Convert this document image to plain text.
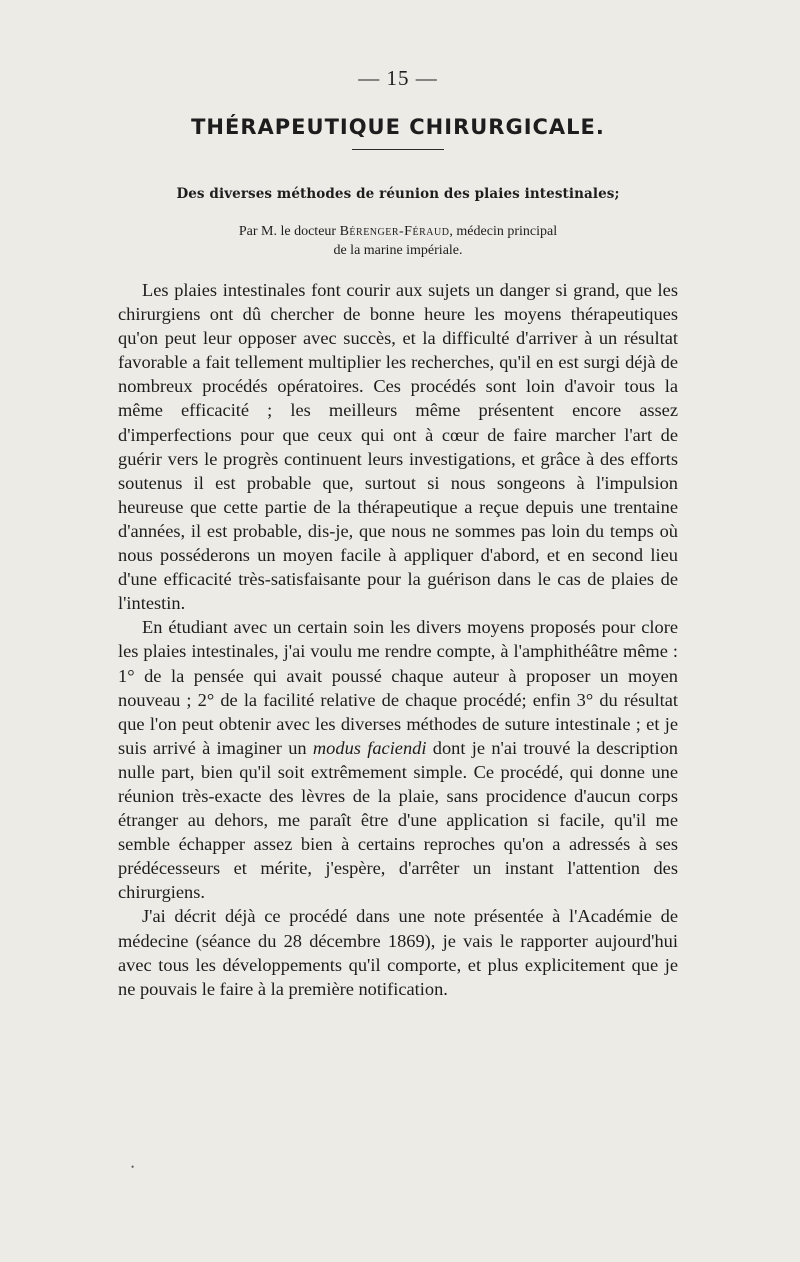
— 15 —
THÉRAPEUTIQUE CHIRURGICALE.
Des diverses méthodes de réunion des plaies intestinales;
Par M. le docteur Bérenger-Féraud, médecin principal
de la marine impériale.

Les plaies intestinales font courir aux sujets un danger si grand, que les chirurgiens ont dû chercher de bonne heure les moyens thérapeutiques qu'on peut leur opposer avec succès, et la difficulté d'arriver à un résultat favorable a fait tellement multiplier les recherches, qu'il en est surgi déjà de nombreux procédés opératoires. Ces procédés sont loin d'avoir tous la même efficacité ; les meilleurs même présentent encore assez d'imperfections pour que ceux qui ont à cœur de faire marcher l'art de guérir vers le progrès continuent leurs investigations, et grâce à des efforts soutenus il est probable que, surtout si nous songeons à l'impulsion heureuse que cette partie de la thérapeutique a reçue depuis une trentaine d'années, il est probable, dis-je, que nous ne sommes pas loin du temps où nous posséderons un moyen facile à appliquer d'abord, et en second lieu d'une efficacité très-satisfaisante pour la guérison dans le cas de plaies de l'intestin.

En étudiant avec un certain soin les divers moyens proposés pour clore les plaies intestinales, j'ai voulu me rendre compte, à l'amphithéâtre même : 1° de la pensée qui avait poussé chaque auteur à proposer un moyen nouveau ; 2° de la facilité relative de chaque procédé; enfin 3° du résultat que l'on peut obtenir avec les diverses méthodes de suture intestinale ; et je suis arrivé à imaginer un modus faciendi dont je n'ai trouvé la description nulle part, bien qu'il soit extrêmement simple. Ce procédé, qui donne une réunion très-exacte des lèvres de la plaie, sans procidence d'aucun corps étranger au dehors, me paraît être d'une application si facile, qu'il me semble échapper assez bien à certains reproches qu'on a adressés à ses prédécesseurs et mérite, j'espère, d'arrêter un instant l'attention des chirurgiens.

J'ai décrit déjà ce procédé dans une note présentée à l'Académie de médecine (séance du 28 décembre 1869), je vais le rapporter aujourd'hui avec tous les développements qu'il comporte, et plus explicitement que je ne pouvais le faire à la première notification.

•
